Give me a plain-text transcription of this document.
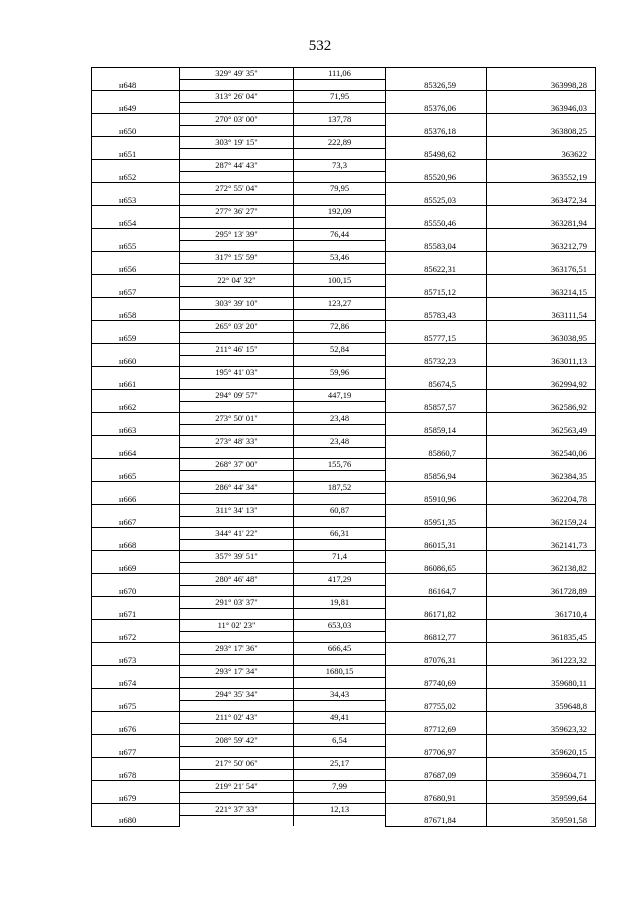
532
	329° 49' 35"	111,06		
н648			85326,59	363998,28
	313° 26' 04"	71,95		
н649			85376,06	363946,03
	270° 03' 00"	137,78		
н650			85376,18	363808,25
	303° 19' 15"	222,89		
н651			85498,62	363622
	287° 44' 43"	73,3		
н652			85520,96	363552,19
	272° 55' 04"	79,95		
н653			85525,03	363472,34
	277° 36' 27"	192,09		
н654			85550,46	363281,94
	295° 13' 39"	76,44		
н655			85583,04	363212,79
	317° 15' 59"	53,46		
н656			85622,31	363176,51
	22° 04' 32"	100,15		
н657			85715,12	363214,15
	303° 39' 10"	123,27		
н658			85783,43	363111,54
	265° 03' 20"	72,86		
н659			85777,15	363038,95
	211° 46' 15"	52,84		
н660			85732,23	363011,13
	195° 41' 03"	59,96		
н661			85674,5	362994,92
	294° 09' 57"	447,19		
н662			85857,57	362586,92
	273° 50' 01"	23,48		
н663			85859,14	362563,49
	273° 48' 33"	23,48		
н664			85860,7	362540,06
	268° 37' 00"	155,76		
н665			85856,94	362384,35
	286° 44' 34"	187,52		
н666			85910,96	362204,78
	311° 34' 13"	60,87		
н667			85951,35	362159,24
	344° 41' 22"	66,31		
н668			86015,31	362141,73
	357° 39' 51"	71,4		
н669			86086,65	362138,82
	280° 46' 48"	417,29		
н670			86164,7	361728,89
	291° 03' 37"	19,81		
н671			86171,82	361710,4
	11° 02' 23"	653,03		
н672			86812,77	361835,45
	293° 17' 36"	666,45		
н673			87076,31	361223,32
	293° 17' 34"	1680,15		
н674			87740,69	359680,11
	294° 35' 34"	34,43		
н675			87755,02	359648,8
	211° 02' 43"	49,41		
н676			87712,69	359623,32
	208° 59' 42"	6,54		
н677			87706,97	359620,15
	217° 50' 06"	25,17		
н678			87687,09	359604,71
	219° 21' 54"	7,99		
н679			87680,91	359599,64
	221° 37' 33"	12,13		
н680			87671,84	359591,58
